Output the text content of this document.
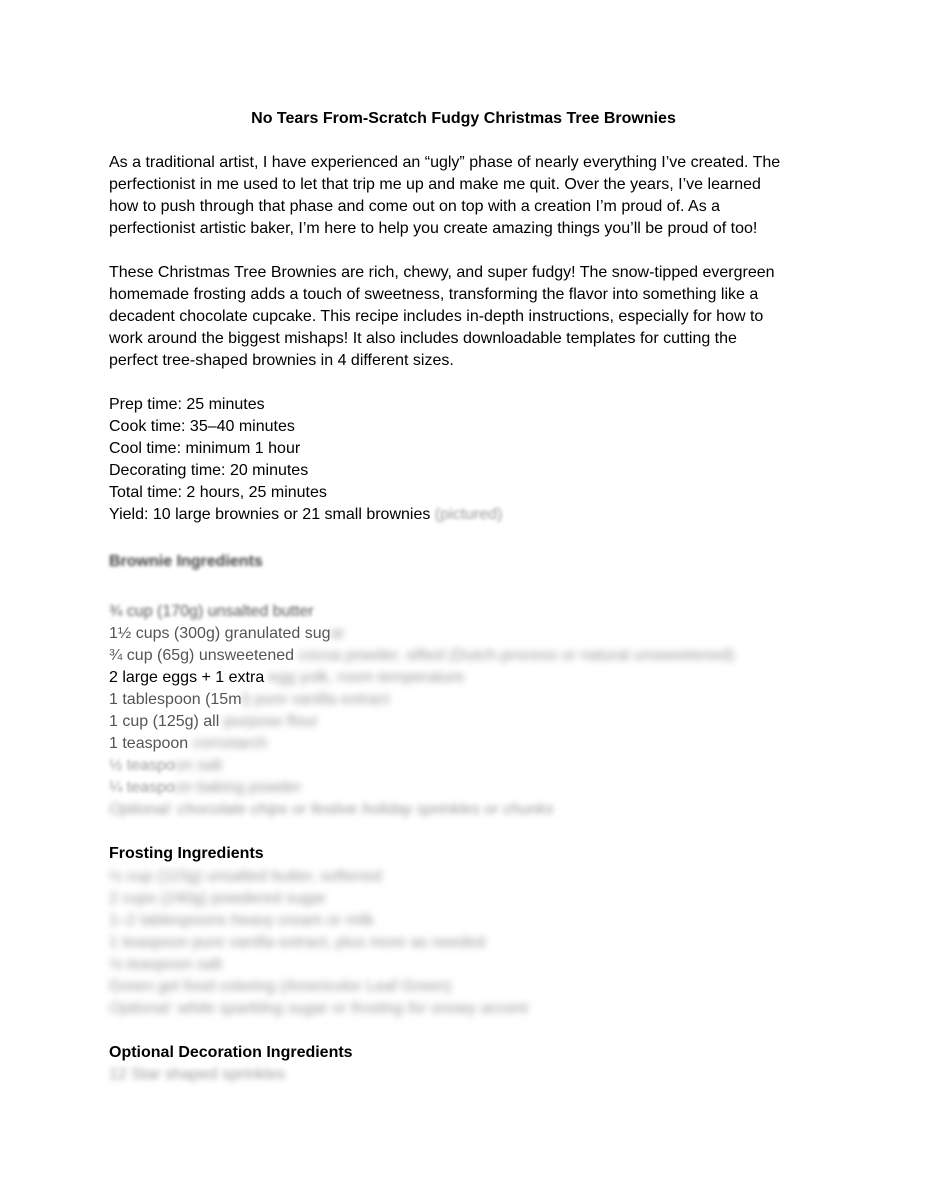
No Tears From-Scratch Fudgy Christmas Tree Brownies
As a traditional artist, I have experienced an “ugly” phase of nearly everything I’ve created. The
perfectionist in me used to let that trip me up and make me quit. Over the years, I’ve learned
how to push through that phase and come out on top with a creation I’m proud of. As a
perfectionist artistic baker, I’m here to help you create amazing things you’ll be proud of too!
These Christmas Tree Brownies are rich, chewy, and super fudgy! The snow-tipped evergreen
homemade frosting adds a touch of sweetness, transforming the flavor into something like a
decadent chocolate cupcake. This recipe includes in-depth instructions, especially for how to
work around the biggest mishaps! It also includes downloadable templates for cutting the
perfect tree-shaped brownies in 4 different sizes.
Prep time: 25 minutes
Cook time: 35–40 minutes
Cool time: minimum 1 hour
Decorating time: 20 minutes
Total time: 2 hours, 25 minutes
Yield: 10 large brownies or 21 small brownies (pictured)
Brownie Ingredients
¾ cup (170g) unsalted butter
1½ cups (300g) granulated sugar
¾ cup (65g) unsweetened cocoa powder, sifted (Dutch-process or natural unsweetened)
2 large eggs + 1 extra egg yolk, room temperature
1 tablespoon (15ml) pure vanilla extract
1 cup (125g) all-purpose flour
1 teaspoon cornstarch
½ teaspoon salt
¼ teaspoon baking powder
Optional: chocolate chips or festive holiday sprinkles or chunks
Frosting Ingredients
½ cup (115g) unsalted butter, softened
2 cups (240g) powdered sugar
1–2 tablespoons heavy cream or milk
1 teaspoon pure vanilla extract, plus more as needed
⅛ teaspoon salt
Green gel food coloring (Americolor Leaf Green)
Optional: white sparkling sugar or frosting for snowy accent
Optional Decoration Ingredients
12 Star shaped sprinkles
